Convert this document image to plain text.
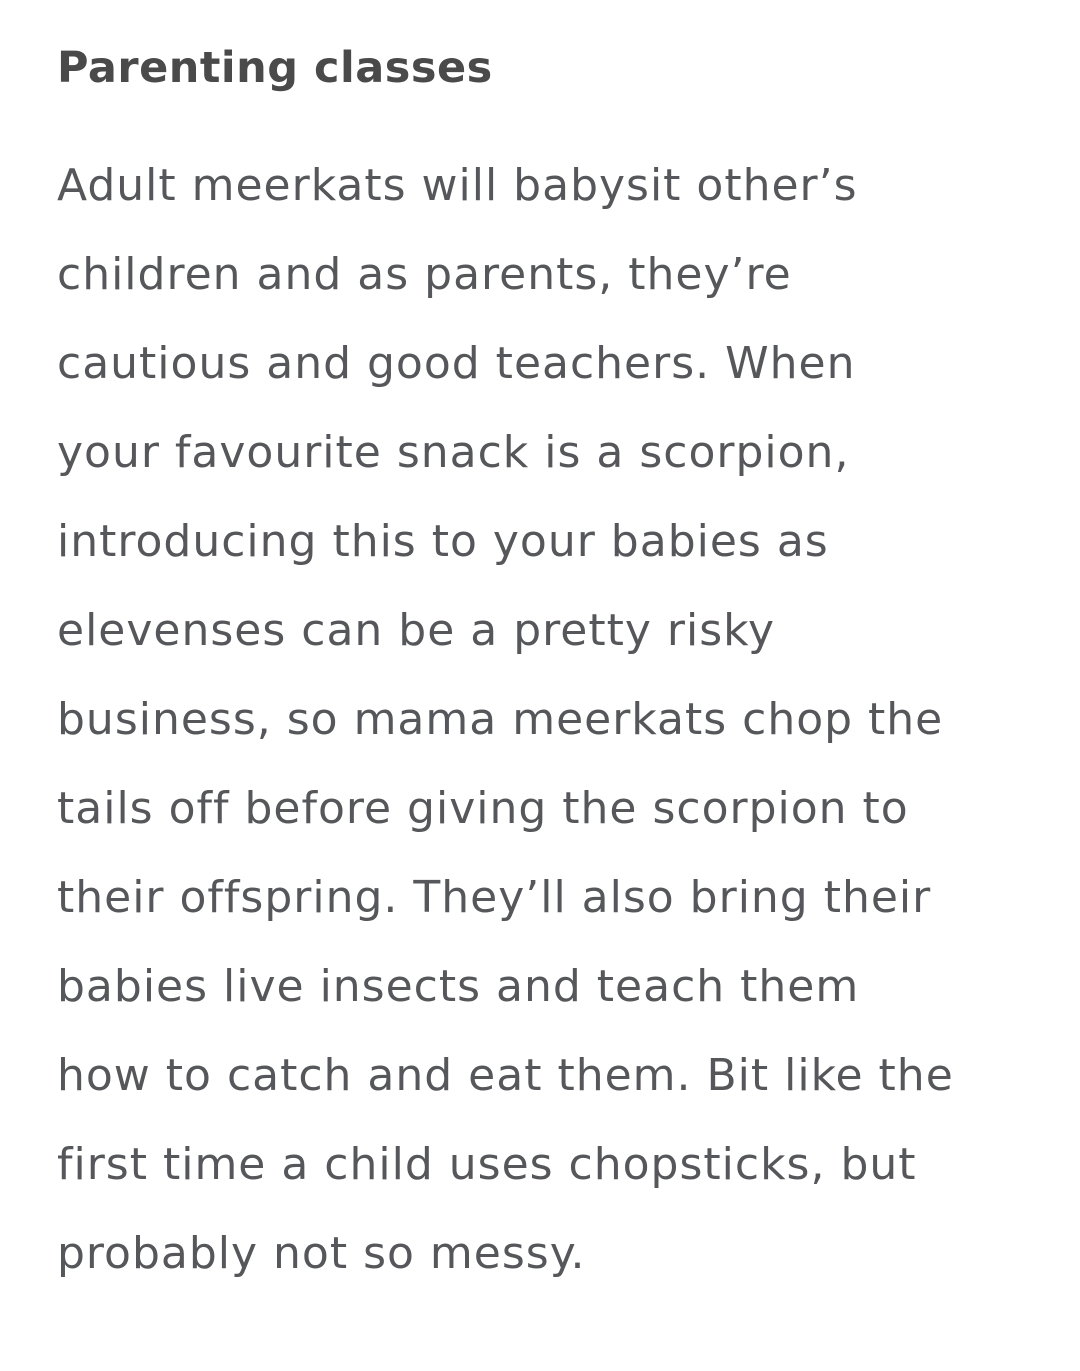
Parenting classes
Adult meerkats will babysit other’s
children and as parents, they’re
cautious and good teachers. When
your favourite snack is a scorpion,
introducing this to your babies as
elevenses can be a pretty risky
business, so mama meerkats chop the
tails off before giving the scorpion to
their offspring. They’ll also bring their
babies live insects and teach them
how to catch and eat them. Bit like the
first time a child uses chopsticks, but
probably not so messy.
